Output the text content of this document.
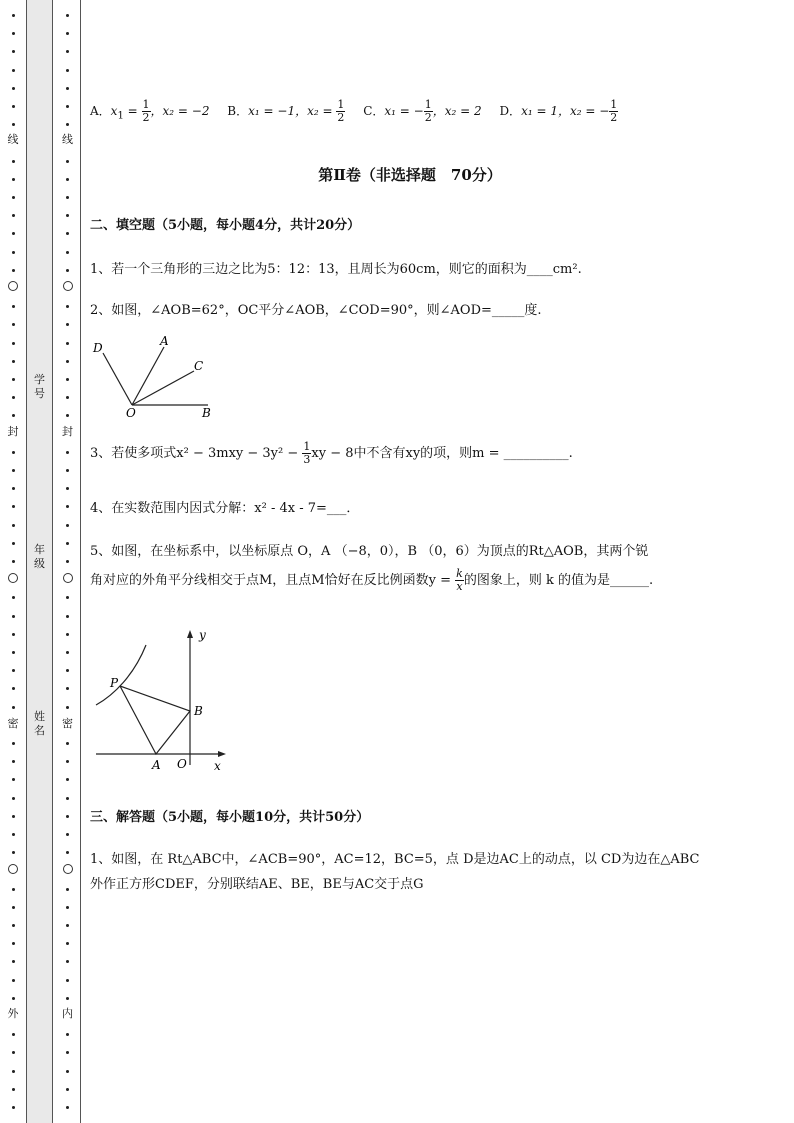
线
封
密
外
学
号
年
级
姓
名
线
封
密
内
A．$x_1 = \frac{1}{2}$ ，x₂ = −2 B．x₁ = −1，$x_2 = \frac{1}{2}$ C．x₁ = − $\frac{1}{2}$ ，x₂ = 2 D．x₁ = 1，x₂ = − $\frac{1}{2}$
第Ⅱ卷（非选择题　70分）
二、填空题（5小题，每小题4分，共计20分）
1、若一个三角形的三边之比为5：12：13，且周长为60cm，则它的面积为____cm².
2、如图，∠AOB=62°，OC平分∠AOB，∠COD=90°，则∠AOD=_____度.
D	A
C
O	B
3、若使多项式$x^2 - 3mxy - 3y^2 - \frac{1}{3}$ xy − 8中不含有xy的项，则m = __________.
4、在实数范围内因式分解：x² - 4x - 7=___．
5、如图，在坐标系中，以坐标原点 O，A （−8，0），B （0，6）为顶点的Rt△AOB，其两个锐
角对应的外角平分线相交于点M，且点M恰好在反比例函数$y = \frac{k}{x}$ 的图象上，则 k 的值为是______.
y
P
B
A O x
三、解答题（5小题，每小题10分，共计50分）
1、如图，在 Rt△ABC中，∠ACB=90°，AC=12，BC=5，点 D是边AC上的动点，以 CD为边在△ABC
外作正方形CDEF，分别联结AE、BE，BE与AC交于点G
